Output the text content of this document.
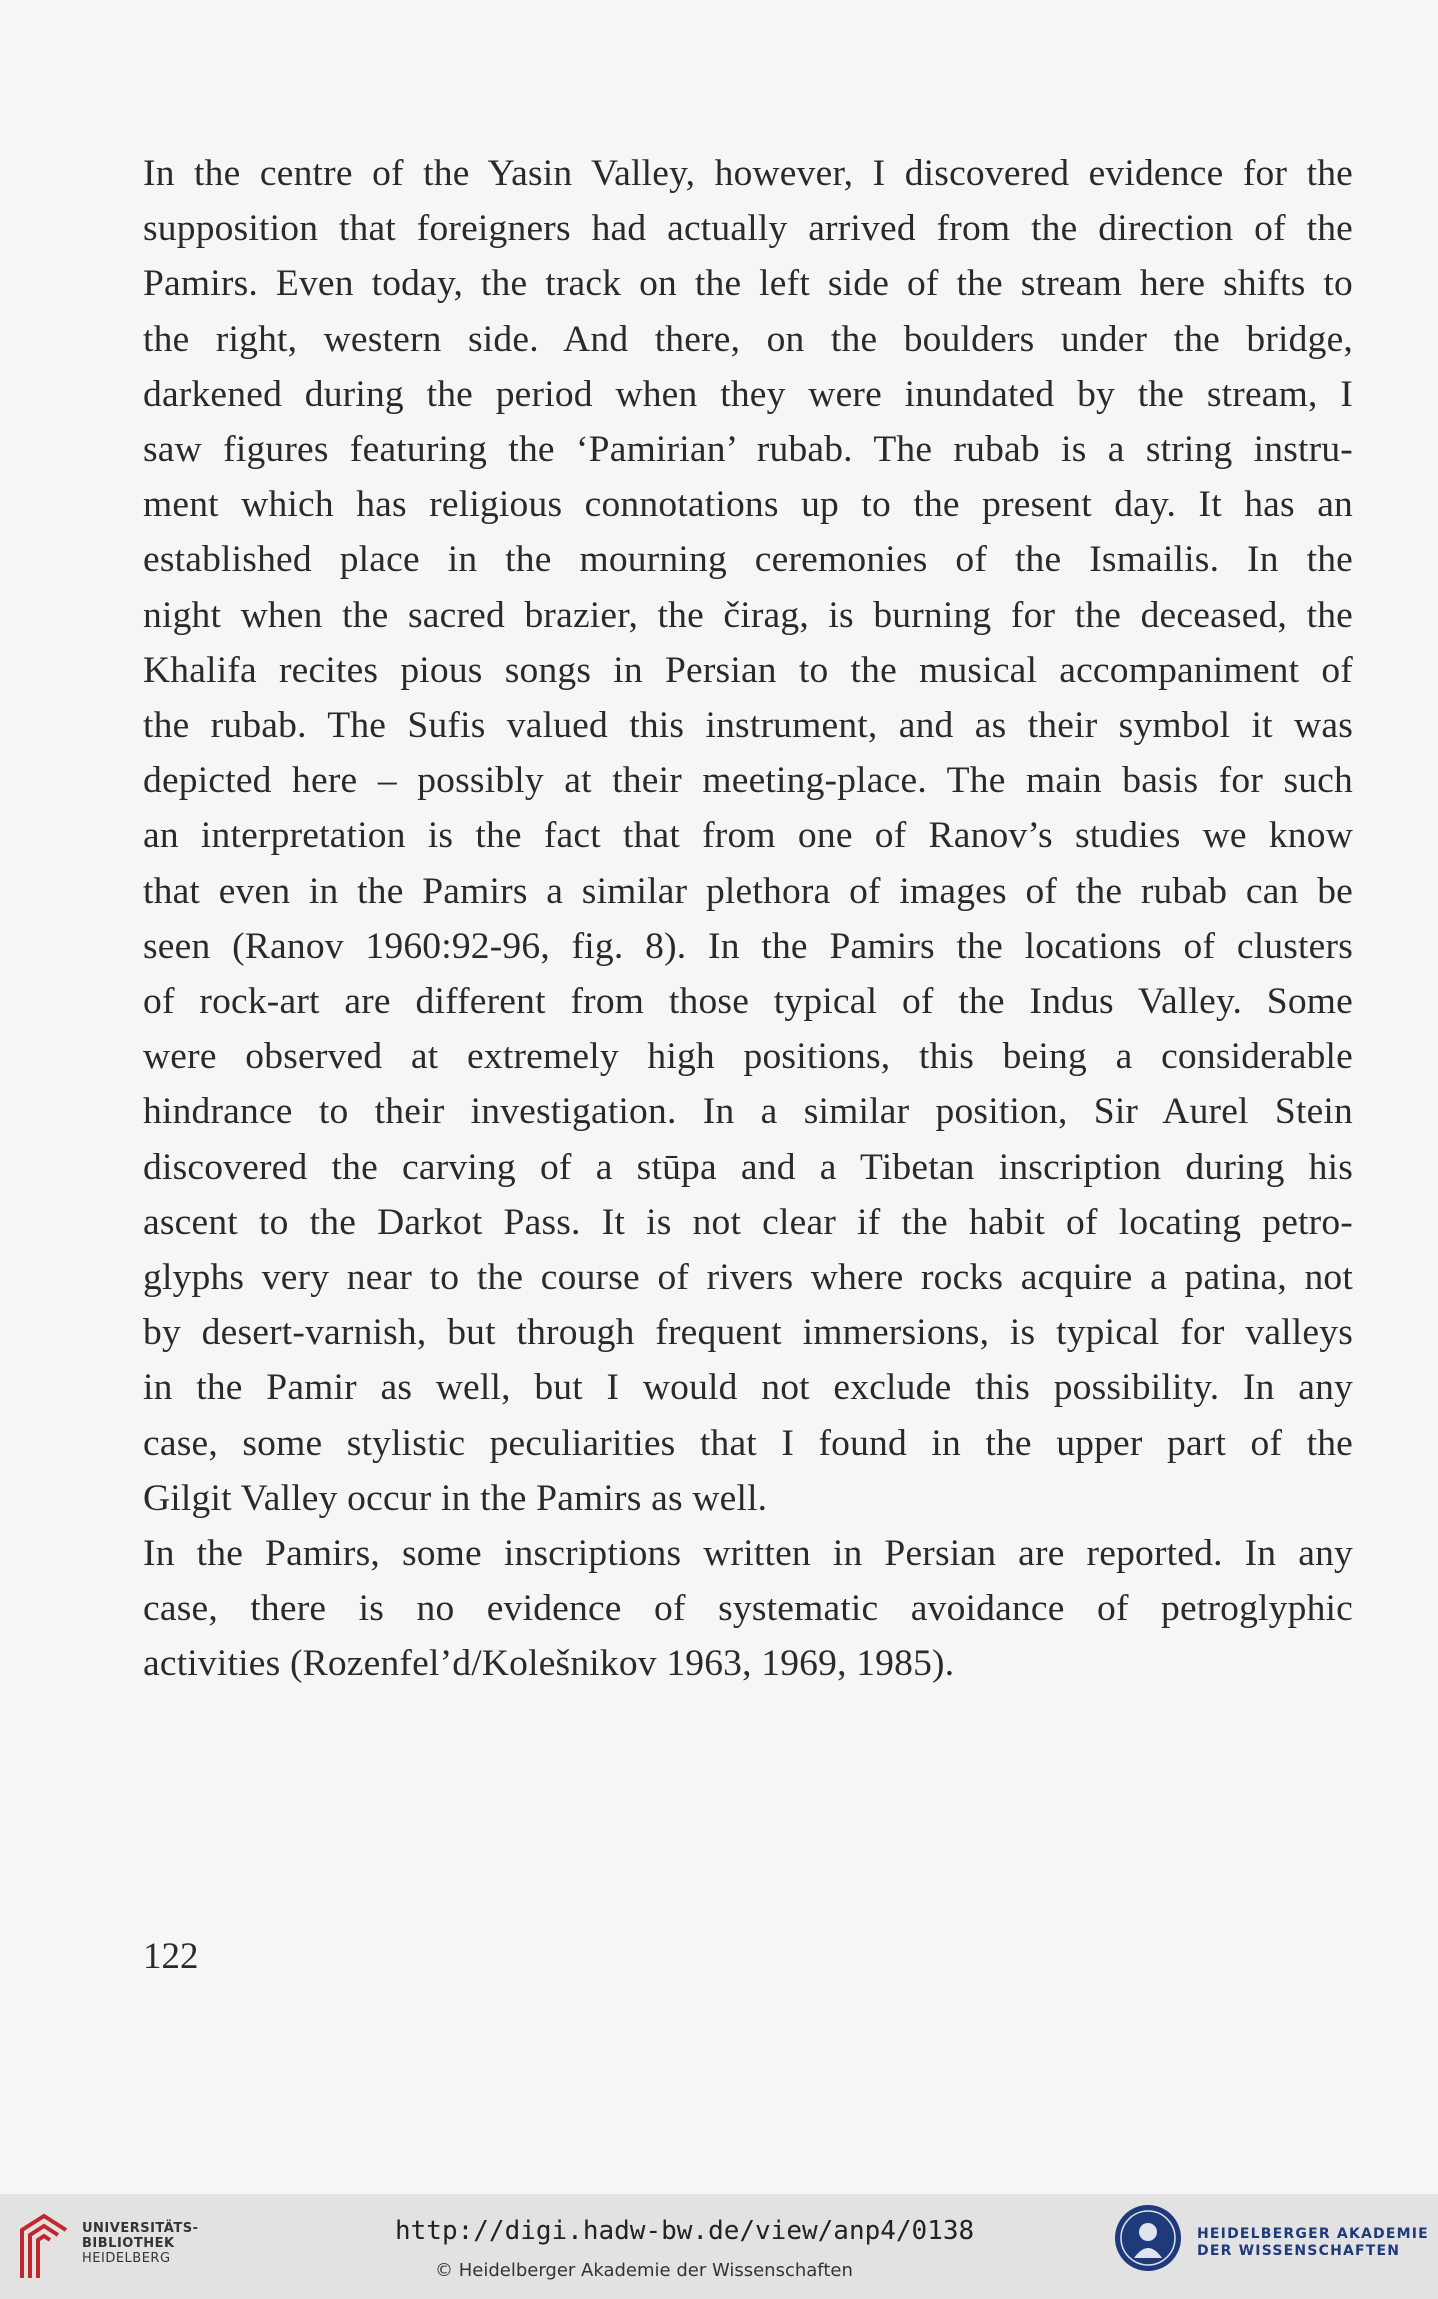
In the centre of the Yasin Valley, however, I discovered evidence for the
supposition that foreigners had actually arrived from the direction of the
Pamirs. Even today, the track on the left side of the stream here shifts to
the right, western side. And there, on the boulders under the bridge,
darkened during the period when they were inundated by the stream, I
saw figures featuring the ‘Pamirian’ rubab. The rubab is a string instru-
ment which has religious connotations up to the present day. It has an
established place in the mourning ceremonies of the Ismailis. In the
night when the sacred brazier, the čirag, is burning for the deceased, the
Khalifa recites pious songs in Persian to the musical accompaniment of
the rubab. The Sufis valued this instrument, and as their symbol it was
depicted here – possibly at their meeting-place. The main basis for such
an interpretation is the fact that from one of Ranov’s studies we know
that even in the Pamirs a similar plethora of images of the rubab can be
seen (Ranov 1960:92-96, fig. 8). In the Pamirs the locations of clusters
of rock-art are different from those typical of the Indus Valley. Some
were observed at extremely high positions, this being a considerable
hindrance to their investigation. In a similar position, Sir Aurel Stein
discovered the carving of a stūpa and a Tibetan inscription during his
ascent to the Darkot Pass. It is not clear if the habit of locating petro-
glyphs very near to the course of rivers where rocks acquire a patina, not
by desert-varnish, but through frequent immersions, is typical for valleys
in the Pamir as well, but I would not exclude this possibility. In any
case, some stylistic peculiarities that I found in the upper part of the
Gilgit Valley occur in the Pamirs as well.
In the Pamirs, some inscriptions written in Persian are reported. In any
case, there is no evidence of systematic avoidance of petroglyphic
activities (Rozenfel’d/Kolešnikov 1963, 1969, 1985).
122
UNIVERSITÄTS-
BIBLIOTHEK
HEIDELBERG
http://digi.hadw-bw.de/view/anp4/0138
© Heidelberger Akademie der Wissenschaften
HEIDELBERGER AKADEMIE
DER WISSENSCHAFTEN
